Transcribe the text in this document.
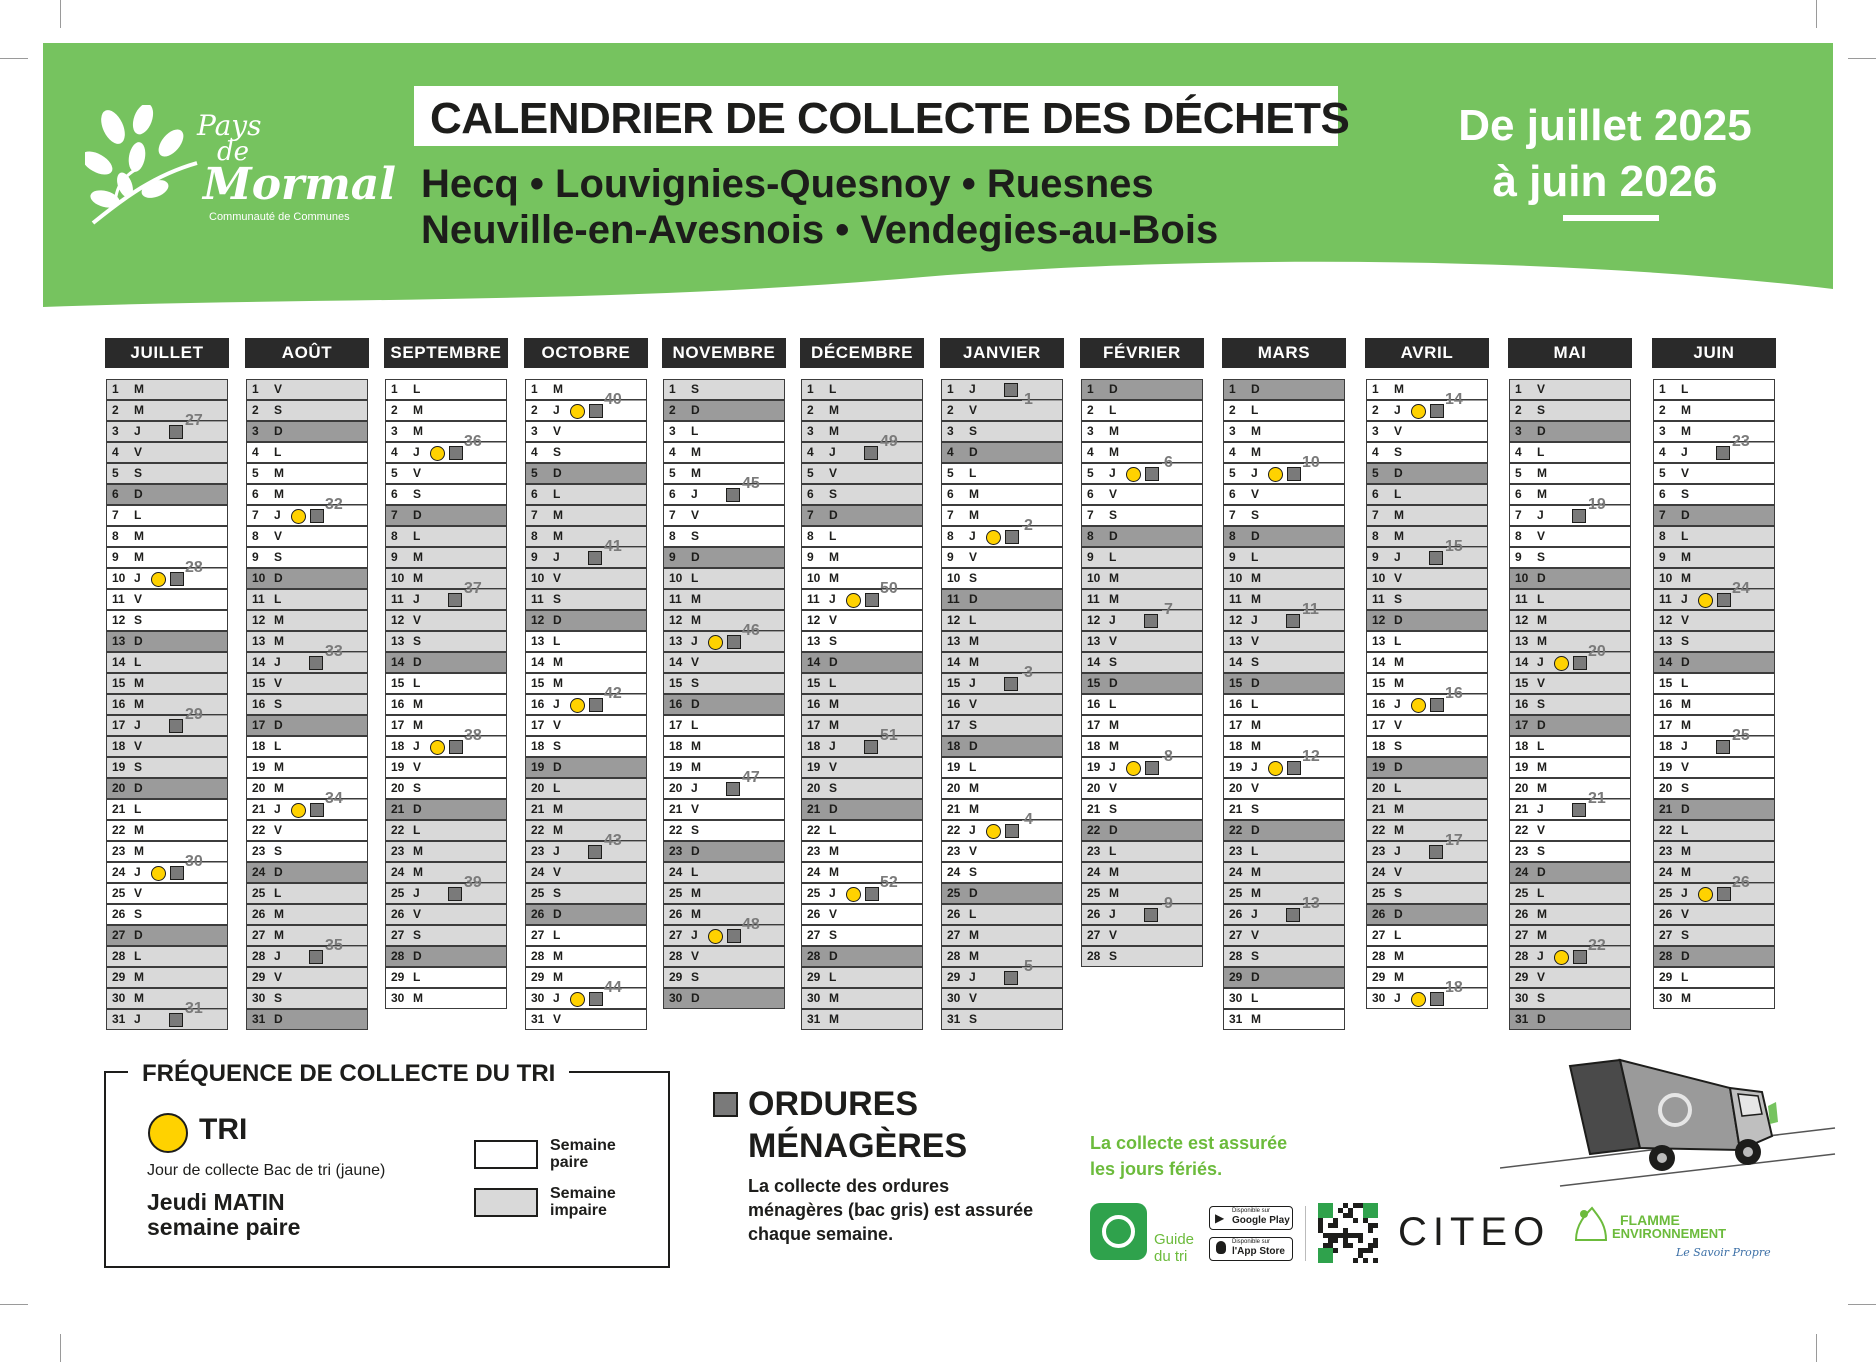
Pays
de
Mormal
Communauté de Communes
CALENDRIER DE COLLECTE DES DÉCHETS
Hecq • Louvignies-Quesnoy • Ruesnes
Neuville-en-Avesnois • Vendegies-au-Bois
De juillet 2025
à juin 2026
JUILLET
1 M
2 M
3 J
4 V
5 S
6 D
7 L
8 M
9 M
10 J
11 V
12 S
13 D
14 L
15 M
16 M
17 J
18 V
19 S
20 D
21 L
22 M
23 M
24 J
25 V
26 S
27 D
28 L
29 M
30 M
31 J
27
28
29
30
31
AOÛT
1 V
2 S
3 D
4 L
5 M
6 M
7 J
8 V
9 S
10 D
11 L
12 M
13 M
14 J
15 V
16 S
17 D
18 L
19 M
20 M
21 J
22 V
23 S
24 D
25 L
26 M
27 M
28 J
29 V
30 S
31 D
32
33
34
35
SEPTEMBRE
1 L
2 M
3 M
4 J
5 V
6 S
7 D
8 L
9 M
10 M
11 J
12 V
13 S
14 D
15 L
16 M
17 M
18 J
19 V
20 S
21 D
22 L
23 M
24 M
25 J
26 V
27 S
28 D
29 L
30 M
36
37
38
39
OCTOBRE
1 M
2 J
3 V
4 S
5 D
6 L
7 M
8 M
9 J
10 V
11 S
12 D
13 L
14 M
15 M
16 J
17 V
18 S
19 D
20 L
21 M
22 M
23 J
24 V
25 S
26 D
27 L
28 M
29 M
30 J
31 V
40
41
42
43
44
NOVEMBRE
1 S
2 D
3 L
4 M
5 M
6 J
7 V
8 S
9 D
10 L
11 M
12 M
13 J
14 V
15 S
16 D
17 L
18 M
19 M
20 J
21 V
22 S
23 D
24 L
25 M
26 M
27 J
28 V
29 S
30 D
45
46
47
48
DÉCEMBRE
1 L
2 M
3 M
4 J
5 V
6 S
7 D
8 L
9 M
10 M
11 J
12 V
13 S
14 D
15 L
16 M
17 M
18 J
19 V
20 S
21 D
22 L
23 M
24 M
25 J
26 V
27 S
28 D
29 L
30 M
31 M
49
50
51
52
JANVIER
1 J
2 V
3 S
4 D
5 L
6 M
7 M
8 J
9 V
10 S
11 D
12 L
13 M
14 M
15 J
16 V
17 S
18 D
19 L
20 M
21 M
22 J
23 V
24 S
25 D
26 L
27 M
28 M
29 J
30 V
31 S
1
2
3
4
5
FÉVRIER
1 D
2 L
3 M
4 M
5 J
6 V
7 S
8 D
9 L
10 M
11 M
12 J
13 V
14 S
15 D
16 L
17 M
18 M
19 J
20 V
21 S
22 D
23 L
24 M
25 M
26 J
27 V
28 S
6
7
8
9
MARS
1 D
2 L
3 M
4 M
5 J
6 V
7 S
8 D
9 L
10 M
11 M
12 J
13 V
14 S
15 D
16 L
17 M
18 M
19 J
20 V
21 S
22 D
23 L
24 M
25 M
26 J
27 V
28 S
29 D
30 L
31 M
10
11
12
13
AVRIL
1 M
2 J
3 V
4 S
5 D
6 L
7 M
8 M
9 J
10 V
11 S
12 D
13 L
14 M
15 M
16 J
17 V
18 S
19 D
20 L
21 M
22 M
23 J
24 V
25 S
26 D
27 L
28 M
29 M
30 J
14
15
16
17
18
MAI
1 V
2 S
3 D
4 L
5 M
6 M
7 J
8 V
9 S
10 D
11 L
12 M
13 M
14 J
15 V
16 S
17 D
18 L
19 M
20 M
21 J
22 V
23 S
24 D
25 L
26 M
27 M
28 J
29 V
30 S
31 D
19
20
21
22
JUIN
1 L
2 M
3 M
4 J
5 V
6 S
7 D
8 L
9 M
10 M
11 J
12 V
13 S
14 D
15 L
16 M
17 M
18 J
19 V
20 S
21 D
22 L
23 M
24 M
25 J
26 V
27 S
28 D
29 L
30 M
23
24
25
26
FRÉQUENCE DE COLLECTE DU TRI
TRI
Jour de collecte Bac de tri (jaune)
Jeudi MATIN
semaine paire
Semaine
paire
Semaine
impaire
ORDURES
MÉNAGÈRES
La collecte des ordures ménagères (bac gris) est assurée chaque semaine.
La collecte est assurée
les jours fériés.
Guide
du tri
▶ Disponible sur
Google Play
Disponible sur
l'App Store	CITEO	FLAMME
ENVIRONNEMENT
Le Savoir Propre
